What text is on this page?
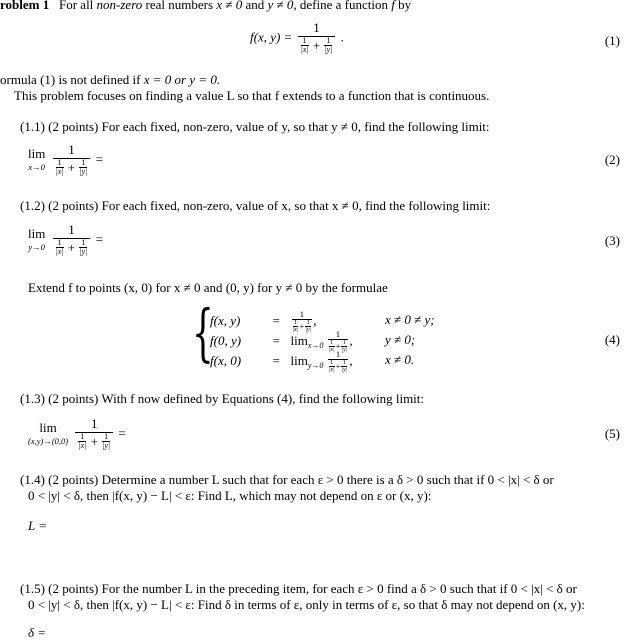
roblem 1 For all non-zero real numbers x ≠ 0 and y ≠ 0, define a function f by
f(x, $y) = \frac{1}{\frac{1}{|x|} + \frac{1}{|y|}}$ .	(1)
ormula (1) is not defined if x = 0 or y = 0.
This problem focuses on finding a value L so that f extends to a function that is continuous.
(1.1) (2 points) For each fixed, non-zero, value of y, so that y ≠ 0, find the following limit:
lim
x→0
$\frac{1}{\frac{1}{|x|} + \frac{1}{|y|}}$ =	(2)
(1.2) (2 points) For each fixed, non-zero, value of x, so that x ≠ 0, find the following limit:
lim
y→0
$\frac{1}{\frac{1}{|x|} + \frac{1}{|y|}}$ =	(3)
Extend f to points (x, 0) for x ≠ 0 and (0, y) for y ≠ 0 by the formulae
{
f(x, $y) = \frac{1}{\frac{1}{|x|} + \frac{1}{|y|}}$ ,	x ≠ 0 ≠ y;
f(0, $y) = \lim_{x\to 0} \frac{1}{\frac{1}{|x|} + \frac{1}{|y|}}$ , y ≠ 0;
f(x, $0) = \lim_{y\to 0} \frac{1}{\frac{1}{|x|} + \frac{1}{|y|}}$ , x ≠ 0.
(4)
(1.3) (2 points) With f now defined by Equations (4), find the following limit:
lim
(x,y)→(0,0)
$\frac{1}{\frac{1}{|x|} + \frac{1}{|y|}}$ =	(5)
(1.4) (2 points) Determine a number L such that for each ε > 0 there is a δ > 0 such that if 0 < |x| < δ or
0 < |y| < δ, then |f(x, y) − L| < ε: Find L, which may not depend on ε or (x, y):
L =
(1.5) (2 points) For the number L in the preceding item, for each ε > 0 find a δ > 0 such that if 0 < |x| < δ or
0 < |y| < δ, then |f(x, y) − L| < ε: Find δ in terms of ε, only in terms of ε, so that δ may not depend on (x, y):
δ =
